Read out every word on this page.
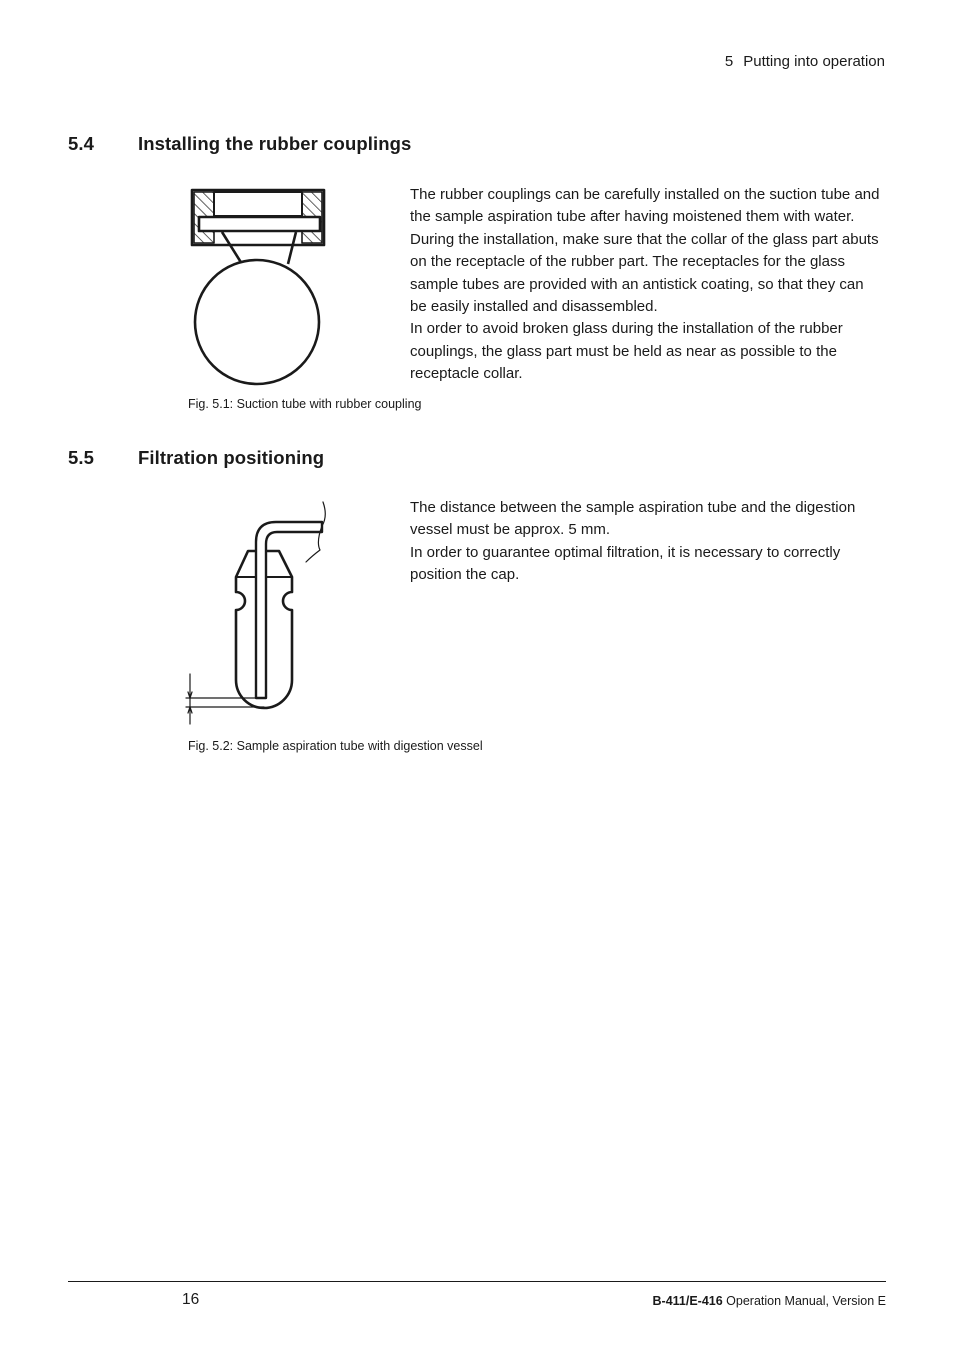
5 Putting into operation
5.4 Installing the rubber couplings

The rubber couplings can be carefully installed on the suction tube and the sample aspiration tube after having moistened them with water. During the installation, make sure that the collar of the glass part abuts on the receptacle of the rubber part. The receptacles for the glass sample tubes are provided with an antistick coating, so that they can be easily installed and disassembled.

In order to avoid broken glass during the installation of the rubber couplings, the glass part must be held as near as possible to the receptacle collar.

Fig. 5.1: Suction tube with rubber coupling
5.5 Filtration positioning

The distance between the sample aspiration tube and the digestion vessel must be approx. 5 mm.

In order to guarantee optimal filtration, it is necessary to correctly position the cap.

Fig. 5.2: Sample aspiration tube with digestion vessel
16	B-411/E-416 Operation Manual, Version E
